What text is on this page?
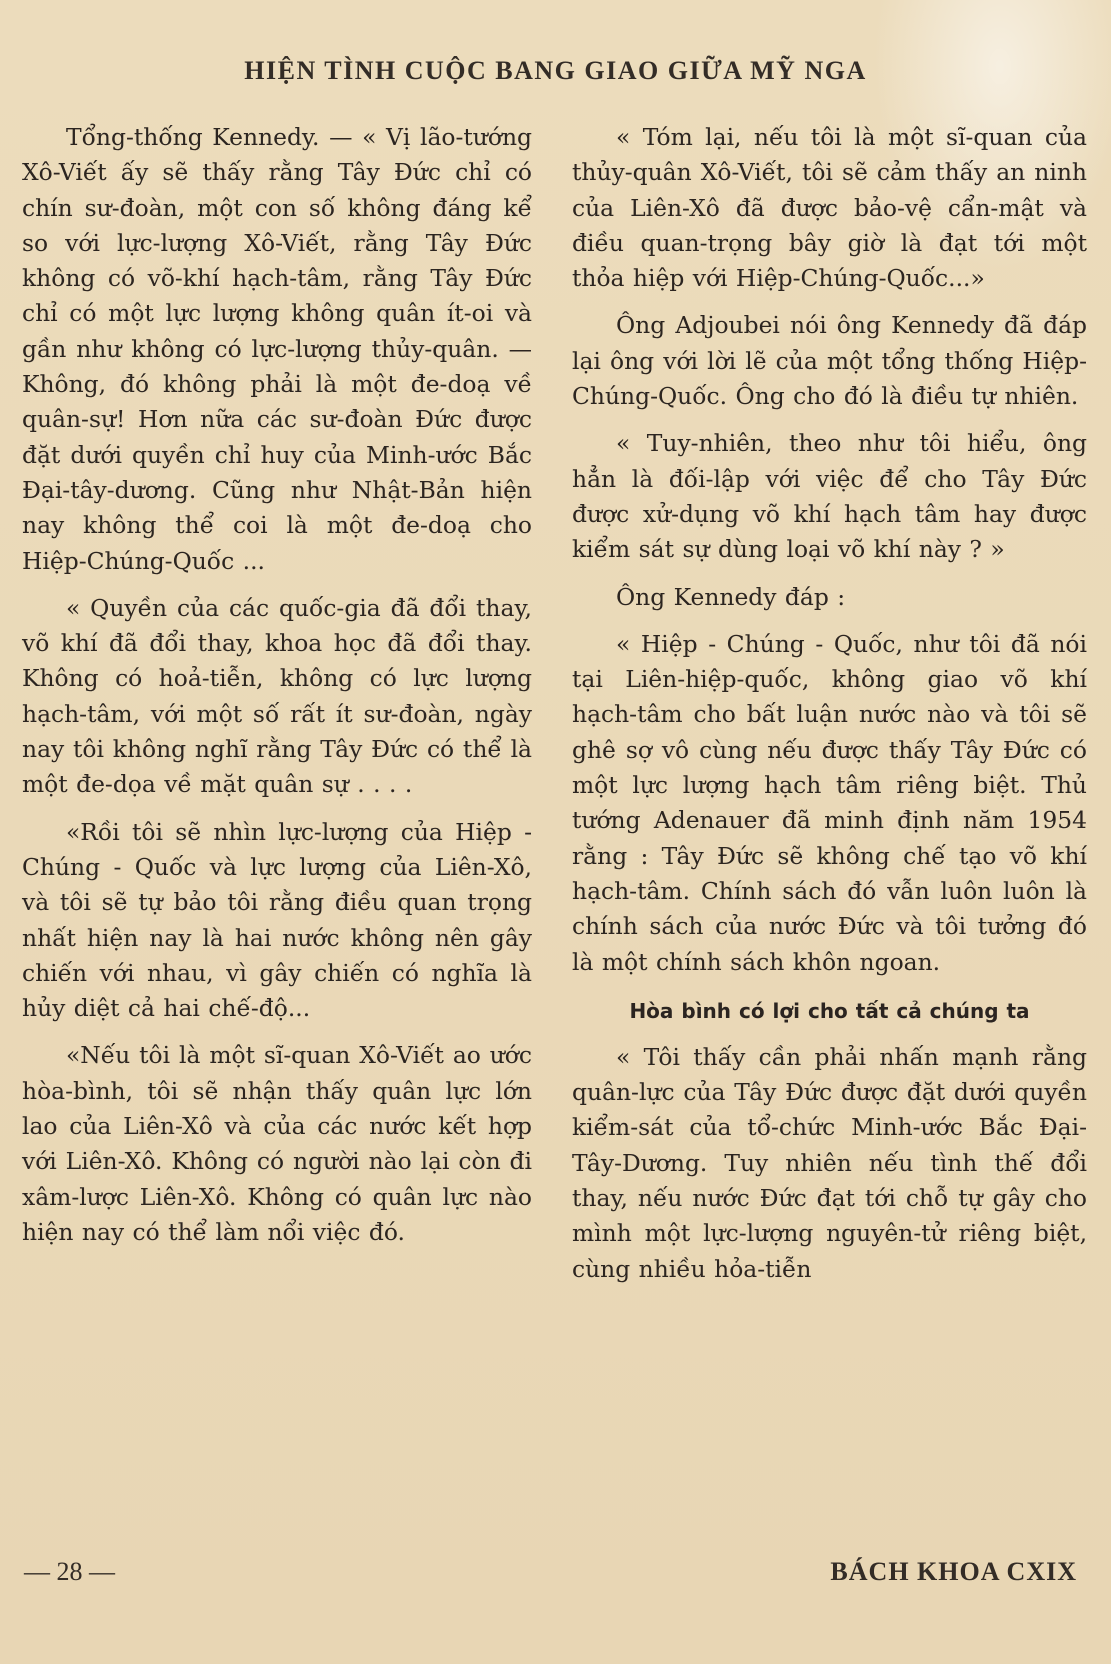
HIỆN TÌNH CUỘC BANG GIAO GIỮA MỸ NGA

Tổng-thống Kennedy. — « Vị lão-tướng Xô-Viết ấy sẽ thấy rằng Tây Đức chỉ có chín sư-đoàn, một con số không đáng kể so với lực-lượng Xô-Viết, rằng Tây Đức không có võ-khí hạch-tâm, rằng Tây Đức chỉ có một lực lượng không quân ít-oi và gần như không có lực-lượng thủy-quân. — Không, đó không phải là một đe-doạ về quân-sự! Hơn nữa các sư-đoàn Đức được đặt dưới quyền chỉ huy của Minh-ước Bắc Đại-tây-dương. Cũng như Nhật-Bản hiện nay không thể coi là một đe-doạ cho Hiệp-Chúng-Quốc ...

« Quyền của các quốc-gia đã đổi thay, võ khí đã đổi thay, khoa học đã đổi thay. Không có hoả-tiễn, không có lực lượng hạch-tâm, với một số rất ít sư-đoàn, ngày nay tôi không nghĩ rằng Tây Đức có thể là một đe-dọa về mặt quân sự . . . .

«Rồi tôi sẽ nhìn lực-lượng của Hiệp - Chúng - Quốc và lực lượng của Liên-Xô, và tôi sẽ tự bảo tôi rằng điều quan trọng nhất hiện nay là hai nước không nên gây chiến với nhau, vì gây chiến có nghĩa là hủy diệt cả hai chế-độ...

«Nếu tôi là một sĩ-quan Xô-Viết ao ước hòa-bình, tôi sẽ nhận thấy quân lực lớn lao của Liên-Xô và của các nước kết hợp với Liên-Xô. Không có người nào lại còn đi xâm-lược Liên-Xô. Không có quân lực nào hiện nay có thể làm nổi việc đó.

« Tóm lại, nếu tôi là một sĩ-quan của thủy-quân Xô-Viết, tôi sẽ cảm thấy an ninh của Liên-Xô đã được bảo-vệ cẩn-mật và điều quan-trọng bây giờ là đạt tới một thỏa hiệp với Hiệp-Chúng-Quốc...»

Ông Adjoubei nói ông Kennedy đã đáp lại ông với lời lẽ của một tổng thống Hiệp-Chúng-Quốc. Ông cho đó là điều tự nhiên.

« Tuy-nhiên, theo như tôi hiểu, ông hẳn là đối-lập với việc để cho Tây Đức được xử-dụng võ khí hạch tâm hay được kiểm sát sự dùng loại võ khí này ? »

Ông Kennedy đáp :

« Hiệp - Chúng - Quốc, như tôi đã nói tại Liên-hiệp-quốc, không giao võ khí hạch-tâm cho bất luận nước nào và tôi sẽ ghê sợ vô cùng nếu được thấy Tây Đức có một lực lượng hạch tâm riêng biệt. Thủ tướng Adenauer đã minh định năm 1954 rằng : Tây Đức sẽ không chế tạo võ khí hạch-tâm. Chính sách đó vẫn luôn luôn là chính sách của nước Đức và tôi tưởng đó là một chính sách khôn ngoan.

Hòa bình có lợi cho tất cả chúng ta

« Tôi thấy cần phải nhấn mạnh rằng quân-lực của Tây Đức được đặt dưới quyền kiểm-sát của tổ-chức Minh-ước Bắc Đại-Tây-Dương. Tuy nhiên nếu tình thế đổi thay, nếu nước Đức đạt tới chỗ tự gây cho mình một lực-lượng nguyên-tử riêng biệt, cùng nhiều hỏa-tiễn

— 28 —	BÁCH KHOA CXIX
